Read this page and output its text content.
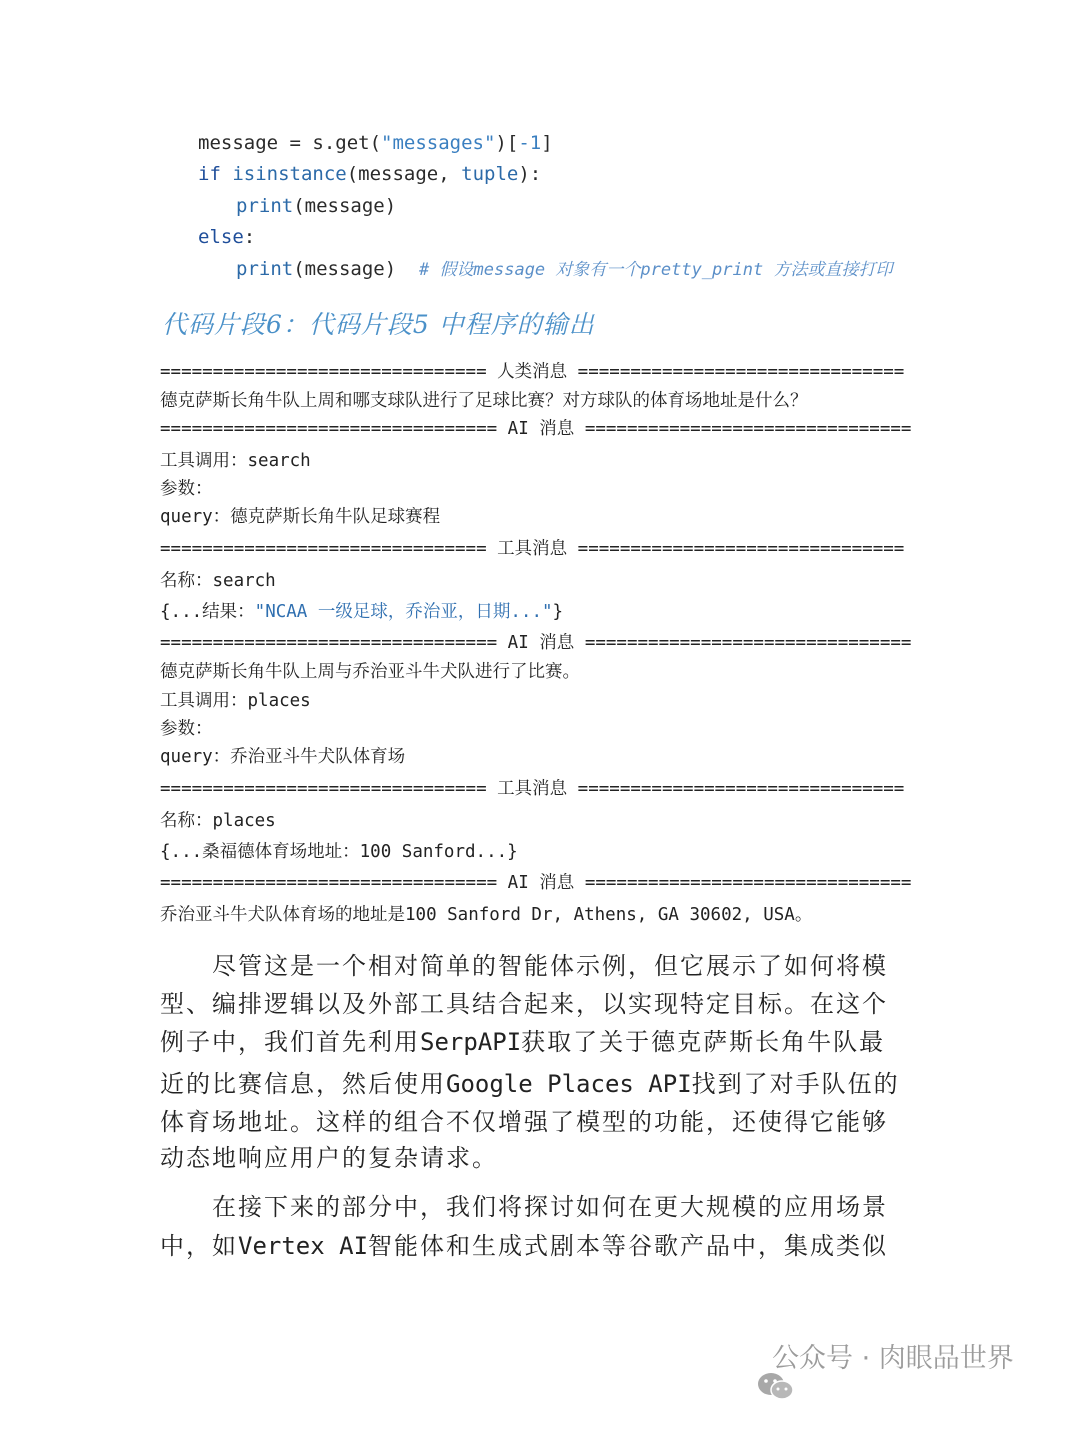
message = s.get("messages")[-1]
if isinstance(message, tuple):
print(message)
else:
print(message)  # 假设message 对象有一个pretty_print 方法或直接打印
代码片段6：代码片段5 中程序的输出
=============================== 人类消息 ===============================
德克萨斯长角牛队上周和哪支球队进行了足球比赛？对方球队的体育场地址是什么？
================================ AI 消息 ===============================
工具调用：search
参数：
query：德克萨斯长角牛队足球赛程
=============================== 工具消息 ===============================
名称：search
{...结果："NCAA 一级足球，乔治亚，日期..."}
================================ AI 消息 ===============================
德克萨斯长角牛队上周与乔治亚斗牛犬队进行了比赛。
工具调用：places
参数：
query：乔治亚斗牛犬队体育场
=============================== 工具消息 ===============================
名称：places
{...桑福德体育场地址：100 Sanford...}
================================ AI 消息 ===============================
乔治亚斗牛犬队体育场的地址是100 Sanford Dr, Athens, GA 30602, USA。
尽管这是一个相对简单的智能体示例，但它展示了如何将模
型、编排逻辑以及外部工具结合起来，以实现特定目标。在这个
例子中，我们首先利用SerpAPI获取了关于德克萨斯长角牛队最
近的比赛信息，然后使用Google Places API找到了对手队伍的
体育场地址。这样的组合不仅增强了模型的功能，还使得它能够
动态地响应用户的复杂请求。
在接下来的部分中，我们将探讨如何在更大规模的应用场景
中，如Vertex AI智能体和生成式剧本等谷歌产品中，集成类似

公众号 · 肉眼品世界
